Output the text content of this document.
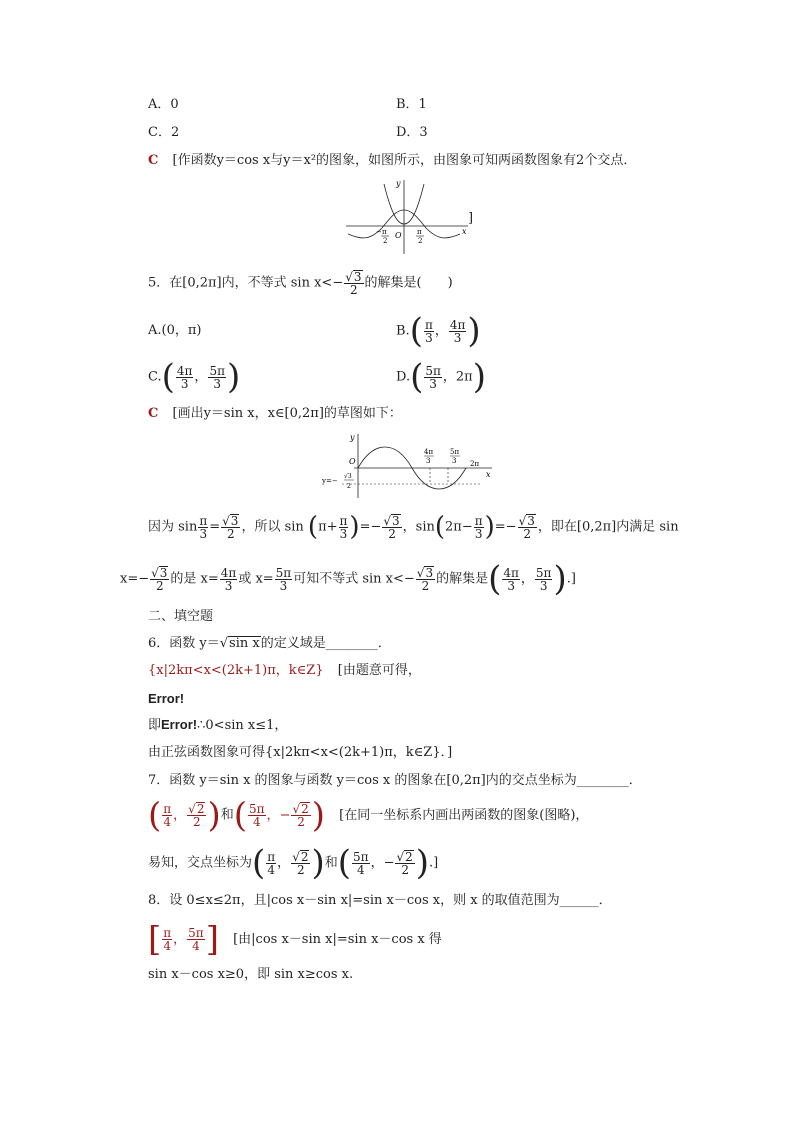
A．0	B．1
C．2	D．3
C [作函数y＝cos x与y＝x²的图象，如图所示，由图象可知两函数图象有2个交点．
y
x
O
− π
2
π
2
]
5．在[0,2π]内，不等式 $\sin x<- \frac{√3}{2}$ 的解集是(　　)
A.(0，π)	$B.( \frac{\pi}{3}$ ， $\frac{4\pi}{3}$ )
$C.( \frac{4\pi}{3}$ ， $\frac{5\pi}{3}$ )	$D.( \frac{5\pi}{3}$ ，2π)
C [画出y＝sin x，x∈[0,2π]的草图如下：
y
x
O
y=−
√3
2
4π
3
5π
3 2π
因为 $\sin \frac{\pi}{3} = \frac{√3}{2}$ ，所以 $\sin (\pi+ \frac{\pi}{3}$ )=− $\frac{√3}{2}$ ，$\sin(2\pi- \frac{\pi}{3}$ )=− $\frac{√3}{2}$ ，即在[0,2π]内满足 sin
$x=- \frac{√3}{2}$ 的是 $x= \frac{4\pi}{3}$ 或 $x= \frac{5\pi}{3}$ 可知不等式 $\sin x<- \frac{√3}{2}$ 的解集是( $\frac{4\pi}{3}$ ， $\frac{5\pi}{3}$ ).]
二、填空题
6．函数 y＝√sin x的定义域是________．
{x|2kπ<x<(2k+1)π，k∈Z} [由题意可得，
Error!
即Error!∴0<sin x≤1，
由正弦函数图象可得{x|2kπ<x<(2k+1)π，k∈Z}．]
7．函数 y＝sin x 的图象与函数 y＝cos x 的图象在[0,2π]内的交点坐标为________．
( $\frac{\pi}{4}$ ， $\frac{√2}{2}$ )和( $\frac{5\pi}{4}$ ，− $\frac{√2}{2}$ ) [在同一坐标系内画出两函数的图象(图略)，
易知，交点坐标为( $\frac{\pi}{4}$ ， $\frac{√2}{2}$ )和( $\frac{5\pi}{4}$ ，− $\frac{√2}{2}$ ).]
8．设 0≤x≤2π，且|cos x－sin x|=sin x－cos x，则 x 的取值范围为______．
[ $\frac{\pi}{4}$ ， $\frac{5\pi}{4}$ ] [由|cos x－sin x|=sin x－cos x 得
sin x－cos x≥0，即 sin x≥cos x.
